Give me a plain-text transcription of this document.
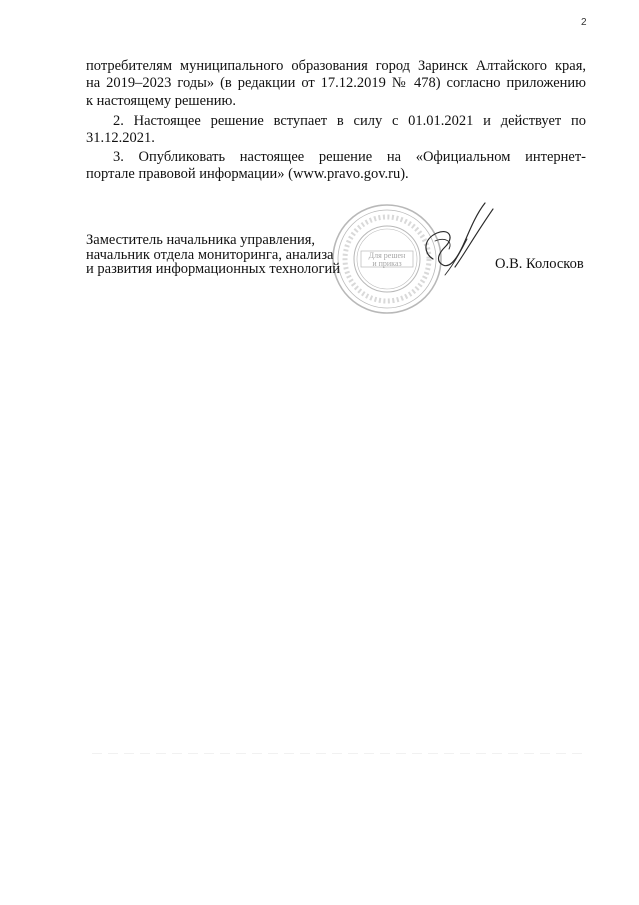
2
потребителям муниципального образования город Заринск Алтайского края,
на 2019–2023 годы» (в редакции от 17.12.2019 № 478) согласно приложению
к настоящему решению.
2. Настоящее решение вступает в силу с 01.01.2021 и действует по
31.12.2021.
3. Опубликовать настоящее решение на «Официальном интернет-
портале правовой информации» (www.pravo.gov.ru).
Для решен
и приказ
Заместитель начальника управления,
начальник отдела мониторинга, анализа
и развития информационных технологий	О.В. Колосков
